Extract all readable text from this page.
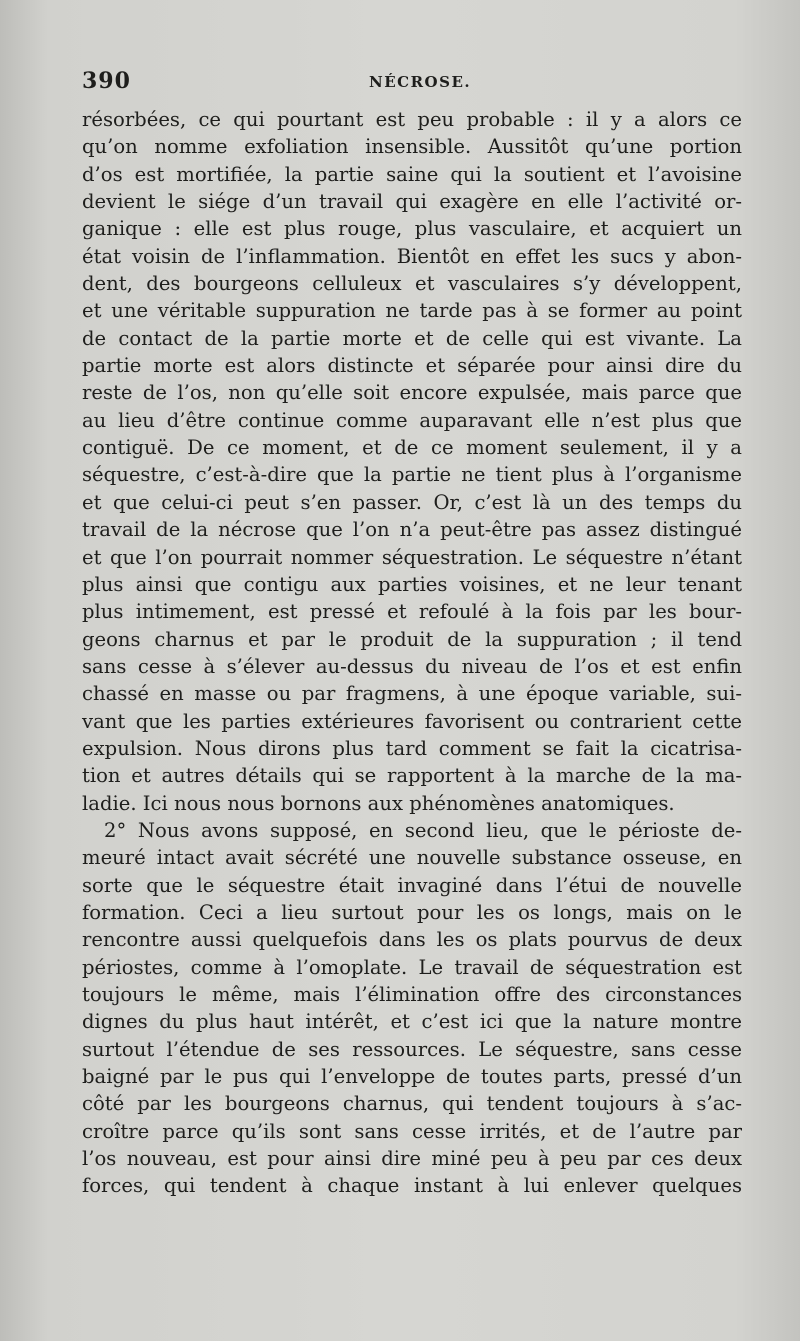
390	NÉCROSE.
résorbées, ce qui pourtant est peu probable : il y a alors ce
qu’on nomme exfoliation insensible. Aussitôt qu’une portion
d’os est mortifiée, la partie saine qui la soutient et l’avoisine
devient le siége d’un travail qui exagère en elle l’activité or-
ganique : elle est plus rouge, plus vasculaire, et acquiert un
état voisin de l’inflammation. Bientôt en effet les sucs y abon-
dent, des bourgeons celluleux et vasculaires s’y développent,
et une véritable suppuration ne tarde pas à se former au point
de contact de la partie morte et de celle qui est vivante. La
partie morte est alors distincte et séparée pour ainsi dire du
reste de l’os, non qu’elle soit encore expulsée, mais parce que
au lieu d’être continue comme auparavant elle n’est plus que
contiguë. De ce moment, et de ce moment seulement, il y a
séquestre, c’est-à-dire que la partie ne tient plus à l’organisme
et que celui-ci peut s’en passer. Or, c’est là un des temps du
travail de la nécrose que l’on n’a peut-être pas assez distingué
et que l’on pourrait nommer séquestration. Le séquestre n’étant
plus ainsi que contigu aux parties voisines, et ne leur tenant
plus intimement, est pressé et refoulé à la fois par les bour-
geons charnus et par le produit de la suppuration ; il tend
sans cesse à s’élever au-dessus du niveau de l’os et est enfin
chassé en masse ou par fragmens, à une époque variable, sui-
vant que les parties extérieures favorisent ou contrarient cette
expulsion. Nous dirons plus tard comment se fait la cicatrisa-
tion et autres détails qui se rapportent à la marche de la ma-
ladie. Ici nous nous bornons aux phénomènes anatomiques.
2° Nous avons supposé, en second lieu, que le périoste de-
meuré intact avait sécrété une nouvelle substance osseuse, en
sorte que le séquestre était invaginé dans l’étui de nouvelle
formation. Ceci a lieu surtout pour les os longs, mais on le
rencontre aussi quelquefois dans les os plats pourvus de deux
périostes, comme à l’omoplate. Le travail de séquestration est
toujours le même, mais l’élimination offre des circonstances
dignes du plus haut intérêt, et c’est ici que la nature montre
surtout l’étendue de ses ressources. Le séquestre, sans cesse
baigné par le pus qui l’enveloppe de toutes parts, pressé d’un
côté par les bourgeons charnus, qui tendent toujours à s’ac-
croître parce qu’ils sont sans cesse irrités, et de l’autre par
l’os nouveau, est pour ainsi dire miné peu à peu par ces deux
forces, qui tendent à chaque instant à lui enlever quelques
